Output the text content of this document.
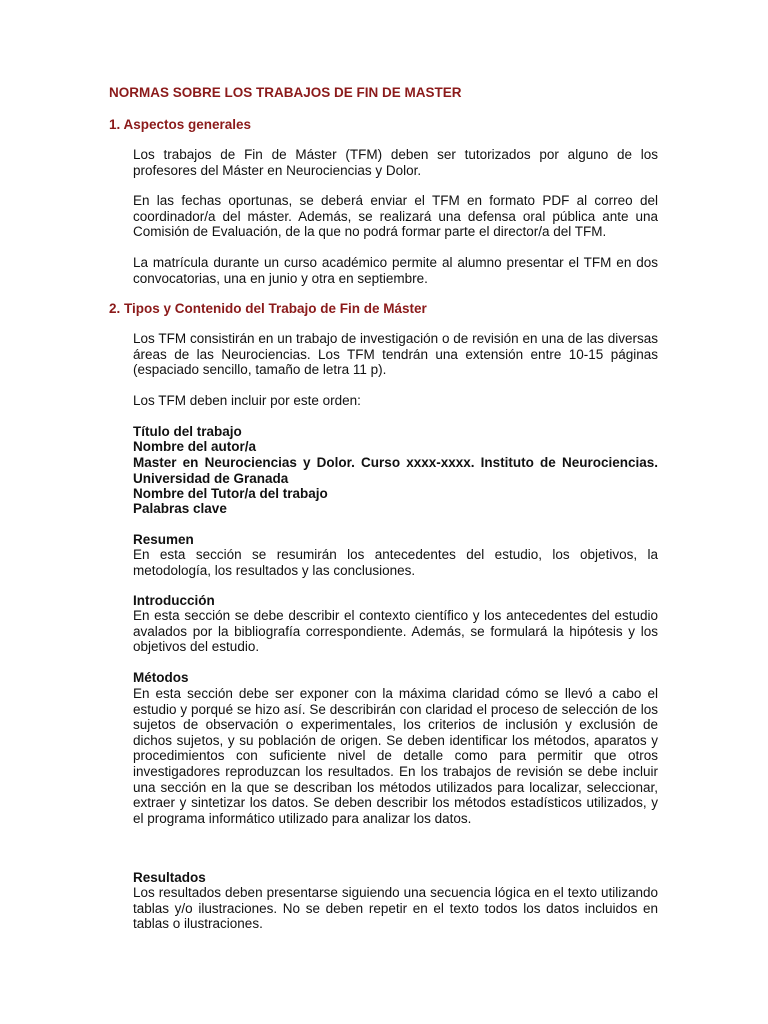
NORMAS SOBRE LOS TRABAJOS DE FIN DE MASTER
1. Aspectos generales

Los trabajos de Fin de Máster (TFM) deben ser tutorizados por alguno de los profesores del Máster en Neurociencias y Dolor.

En las fechas oportunas, se deberá enviar el TFM en formato PDF al correo del coordinador/a del máster. Además, se realizará una defensa oral pública ante una Comisión de Evaluación, de la que no podrá formar parte el director/a del TFM.

La matrícula durante un curso académico permite al alumno presentar el TFM en dos convocatorias, una en junio y otra en septiembre.

2. Tipos y Contenido del Trabajo de Fin de Máster

Los TFM consistirán en un trabajo de investigación o de revisión en una de las diversas áreas de las Neurociencias. Los TFM tendrán una extensión entre 10-15 páginas (espaciado sencillo, tamaño de letra 11 p).

Los TFM deben incluir por este orden:

Título del trabajo

Nombre del autor/a

Master en Neurociencias y Dolor. Curso xxxx-xxxx. Instituto de Neurociencias. Universidad de Granada

Nombre del Tutor/a del trabajo

Palabras clave

Resumen

En esta sección se resumirán los antecedentes del estudio, los objetivos, la metodología, los resultados y las conclusiones.

Introducción

En esta sección se debe describir el contexto científico y los antecedentes del estudio avalados por la bibliografía correspondiente. Además, se formulará la hipótesis y los objetivos del estudio.

Métodos

En esta sección debe ser exponer con la máxima claridad cómo se llevó a cabo el estudio y porqué se hizo así. Se describirán con claridad el proceso de selección de los sujetos de observación o experimentales, los criterios de inclusión y exclusión de dichos sujetos, y su población de origen. Se deben identificar los métodos, aparatos y procedimientos con suficiente nivel de detalle como para permitir que otros investigadores reproduzcan los resultados. En los trabajos de revisión se debe incluir una sección en la que se describan los métodos utilizados para localizar, seleccionar, extraer y sintetizar los datos. Se deben describir los métodos estadísticos utilizados, y el programa informático utilizado para analizar los datos.

Resultados

Los resultados deben presentarse siguiendo una secuencia lógica en el texto utilizando tablas y/o ilustraciones. No se deben repetir en el texto todos los datos incluidos en tablas o ilustraciones.
